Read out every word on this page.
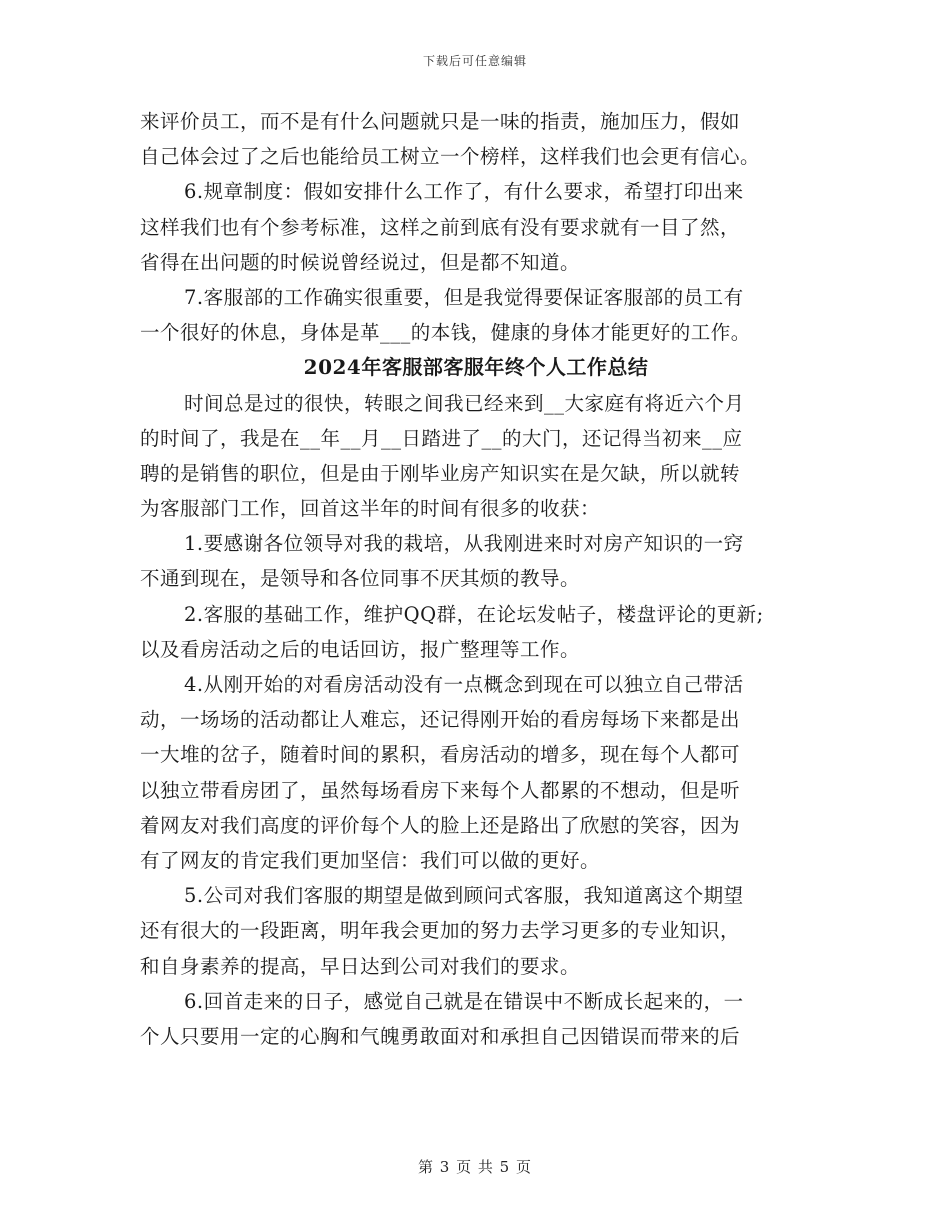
下载后可任意编辑
来评价员工，而不是有什么问题就只是一味的指责，施加压力，假如
自己体会过了之后也能给员工树立一个榜样，这样我们也会更有信心。
6.规章制度：假如安排什么工作了，有什么要求，希望打印出来
这样我们也有个参考标准，这样之前到底有没有要求就有一目了然，
省得在出问题的时候说曾经说过，但是都不知道。
7.客服部的工作确实很重要，但是我觉得要保证客服部的员工有
一个很好的休息，身体是革___的本钱，健康的身体才能更好的工作。
2024年客服部客服年终个人工作总结
时间总是过的很快，转眼之间我已经来到__大家庭有将近六个月
的时间了，我是在__年__月__日踏进了__的大门，还记得当初来__应
聘的是销售的职位，但是由于刚毕业房产知识实在是欠缺，所以就转
为客服部门工作，回首这半年的时间有很多的收获：
1.要感谢各位领导对我的栽培，从我刚进来时对房产知识的一窍
不通到现在，是领导和各位同事不厌其烦的教导。
2.客服的基础工作，维护QQ群，在论坛发帖子，楼盘评论的更新;
以及看房活动之后的电话回访，报广整理等工作。
4.从刚开始的对看房活动没有一点概念到现在可以独立自己带活
动，一场场的活动都让人难忘，还记得刚开始的看房每场下来都是出
一大堆的岔子，随着时间的累积，看房活动的增多，现在每个人都可
以独立带看房团了，虽然每场看房下来每个人都累的不想动，但是听
着网友对我们高度的评价每个人的脸上还是路出了欣慰的笑容，因为
有了网友的肯定我们更加坚信：我们可以做的更好。
5.公司对我们客服的期望是做到顾问式客服，我知道离这个期望
还有很大的一段距离，明年我会更加的努力去学习更多的专业知识，
和自身素养的提高，早日达到公司对我们的要求。
6.回首走来的日子，感觉自己就是在错误中不断成长起来的，一
个人只要用一定的心胸和气魄勇敢面对和承担自己因错误而带来的后
第 3 页 共 5 页
